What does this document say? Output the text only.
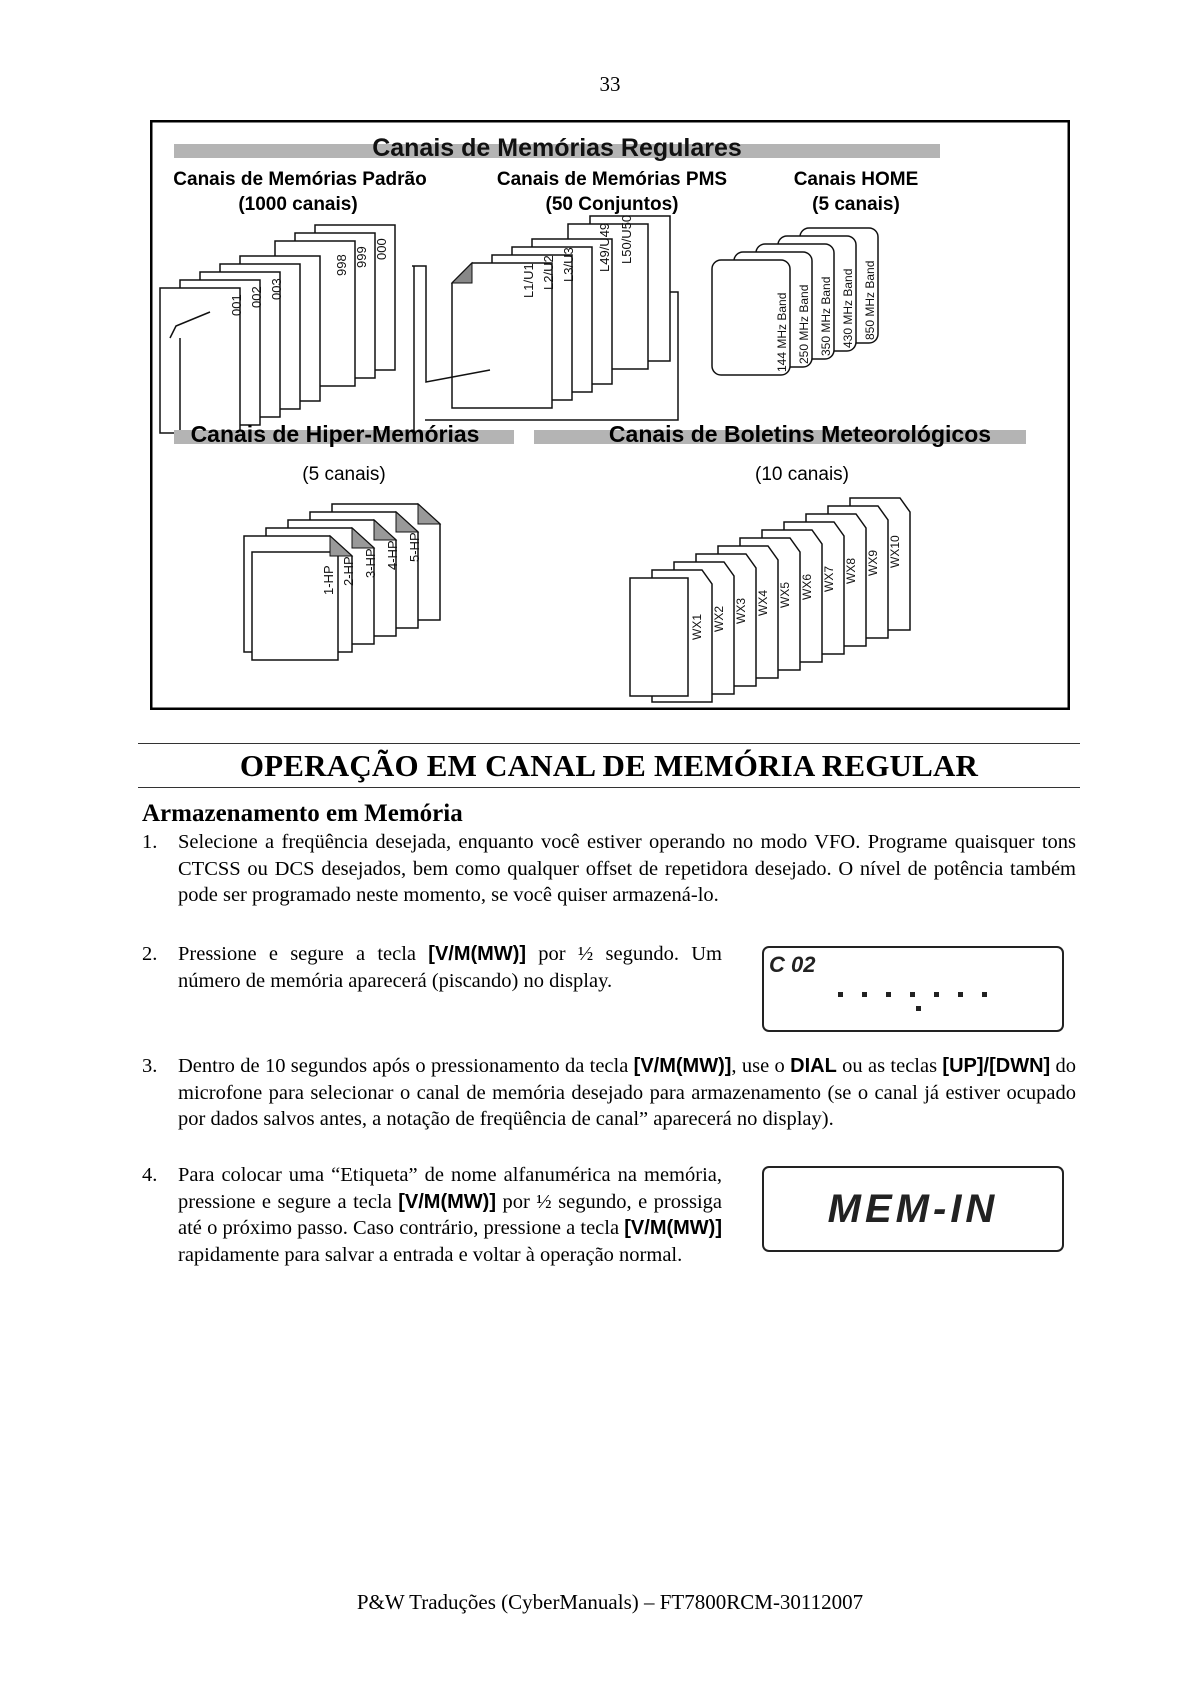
33
Canais de Memórias Regulares
Canais de Memórias Padrão
(1000 canais)
Canais de Memórias PMS
(50 Conjuntos)
Canais HOME
(5 canais)
001 002 003
998 999 000
L1/U1 L2/U2 L3/U3 L49/U49 L50/U50
144 MHz Band 250 MHz Band 350 MHz Band 430 MHz Band 850 MHz Band
Canais de Hiper-Memórias
(5 canais)
Canais de Boletins Meteorológicos
(10 canais)
1-HP 2-HP 3-HP 4-HP 5-HP
WX1 WX2 WX3 WX4 WX5 WX6 WX7 WX8 WX9 WX10
OPERAÇÃO EM CANAL DE MEMÓRIA REGULAR
Armazenamento em Memória
1. Selecione a freqüência desejada, enquanto você estiver operando no modo VFO. Programe quaisquer tons CTCSS ou DCS desejados, bem como qualquer offset de repetidora desejado. O nível de potência também pode ser programado neste momento, se você quiser armazená-lo.
2. Pressione e segure a tecla [V/M(MW)] por ½ segundo. Um número de memória aparecerá (piscando) no display.
C 02
3. Dentro de 10 segundos após o pressionamento da tecla [V/M(MW)], use o DIAL ou as teclas [UP]/[DWN] do microfone para selecionar o canal de memória desejado para armazenamento (se o canal já estiver ocupado por dados salvos antes, a notação de freqüência de canal” aparecerá no display).
4. Para colocar uma “Etiqueta” de nome alfanumérica na memória, pressione e segure a tecla [V/M(MW)] por ½ segundo, e prossiga até o próximo passo. Caso contrário, pressione a tecla [V/M(MW)] rapidamente para salvar a entrada e voltar à operação normal.
MEM-IN
P&W Traduções (CyberManuals) – FT7800RCM-30112007
